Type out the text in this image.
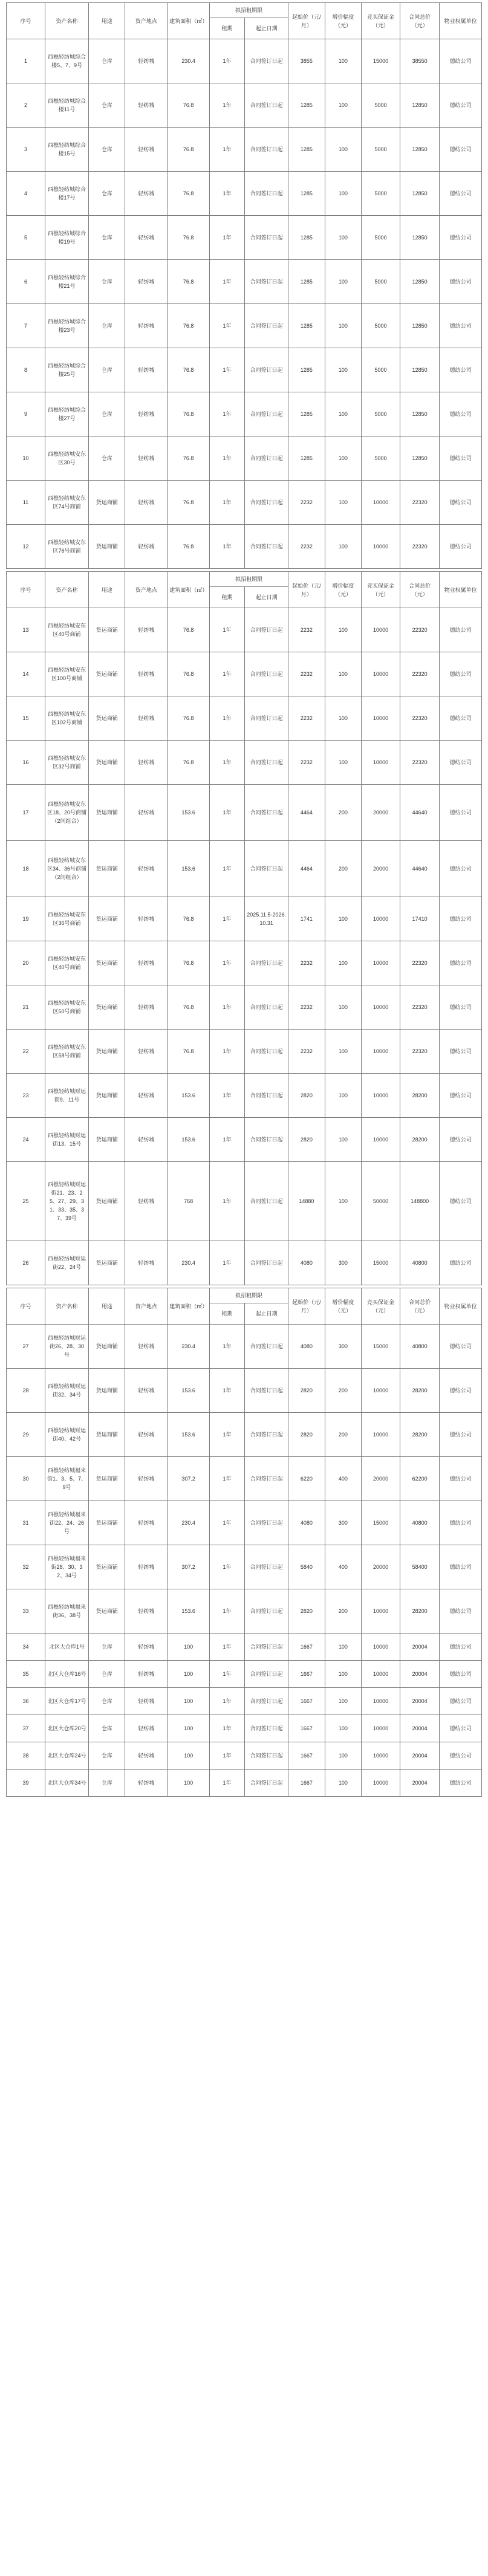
序号	资产名称	用途	资产地点	建筑面积（㎡）	拟招租期限		起始价（元/月）	增价幅度（元）	竞买保证金（元）	合同总价（元）	物业权属单位
					租期	起止日期					
1	西樵轻纺城综合楼5、7、9号	仓库	轻纺城	230.4	1年	合同签订日起	3855	100	15000	38550	德纺公司
2	西樵轻纺城综合楼11号	仓库	轻纺城	76.8	1年	合同签订日起	1285	100	5000	12850	德纺公司
3	西樵轻纺城综合楼15号	仓库	轻纺城	76.8	1年	合同签订日起	1285	100	5000	12850	德纺公司
4	西樵轻纺城综合楼17号	仓库	轻纺城	76.8	1年	合同签订日起	1285	100	5000	12850	德纺公司
5	西樵轻纺城综合楼19号	仓库	轻纺城	76.8	1年	合同签订日起	1285	100	5000	12850	德纺公司
6	西樵轻纺城综合楼21号	仓库	轻纺城	76.8	1年	合同签订日起	1285	100	5000	12850	德纺公司
7	西樵轻纺城综合楼23号	仓库	轻纺城	76.8	1年	合同签订日起	1285	100	5000	12850	德纺公司
8	西樵轻纺城综合楼25号	仓库	轻纺城	76.8	1年	合同签订日起	1285	100	5000	12850	德纺公司
9	西樵轻纺城综合楼27号	仓库	轻纺城	76.8	1年	合同签订日起	1285	100	5000	12850	德纺公司
10	西樵轻纺城安东区30号	仓库	轻纺城	76.8	1年	合同签订日起	1285	100	5000	12850	德纺公司
11	西樵轻纺城安东区74号商铺	货运商铺	轻纺城	76.8	1年	合同签订日起	2232	100	10000	22320	德纺公司
12	西樵轻纺城安东区76号商铺	货运商铺	轻纺城	76.8	1年	合同签订日起	2232	100	10000	22320	德纺公司

序号	资产名称	用途	资产地点	建筑面积（㎡）	拟招租期限		起始价（元/月）	增价幅度（元）	竞买保证金（元）	合同总价（元）	物业权属单位
					租期	起止日期					
13	西樵轻纺城安东区40号商铺	货运商铺	轻纺城	76.8	1年	合同签订日起	2232	100	10000	22320	德纺公司
14	西樵轻纺城安东区100号商铺	货运商铺	轻纺城	76.8	1年	合同签订日起	2232	100	10000	22320	德纺公司
15	西樵轻纺城安东区102号商铺	货运商铺	轻纺城	76.8	1年	合同签订日起	2232	100	10000	22320	德纺公司
16	西樵轻纺城安东区32号商铺	货运商铺	轻纺城	76.8	1年	合同签订日起	2232	100	10000	22320	德纺公司
17	西樵轻纺城安东区18、20号商铺（2间组合）	货运商铺	轻纺城	153.6	1年	合同签订日起	4464	200	20000	44640	德纺公司
18	西樵轻纺城安东区34、36号商铺（2间组合）	货运商铺	轻纺城	153.6	1年	合同签订日起	4464	200	20000	44640	德纺公司
19	西樵轻纺城安东区36号商铺	货运商铺	轻纺城	76.8	1年	2025.11.5-2026.10.31	1741	100	10000	17410	德纺公司
20	西樵轻纺城安东区40号商铺	货运商铺	轻纺城	76.8	1年	合同签订日起	2232	100	10000	22320	德纺公司
21	西樵轻纺城安东区50号商铺	货运商铺	轻纺城	76.8	1年	合同签订日起	2232	100	10000	22320	德纺公司
22	西樵轻纺城安东区58号商铺	货运商铺	轻纺城	76.8	1年	合同签订日起	2232	100	10000	22320	德纺公司
23	西樵轻纺城财运街9、11号	货运商铺	轻纺城	153.6	1年	合同签订日起	2820	100	10000	28200	德纺公司
24	西樵轻纺城财运街13、15号	货运商铺	轻纺城	153.6	1年	合同签订日起	2820	100	10000	28200	德纺公司
25	西樵轻纺城财运街21、23、25、27、29、31、33、35、37、39号	货运商铺	轻纺城	768	1年	合同签订日起	14880	100	50000	148800	德纺公司
26	西樵轻纺城财运街22、24号	货运商铺	轻纺城	230.4	1年	合同签订日起	4080	300	15000	40800	德纺公司

序号	资产名称	用途	资产地点	建筑面积（㎡）	拟招租期限		起始价（元/月）	增价幅度（元）	竞买保证金（元）	合同总价（元）	物业权属单位
					租期	起止日期					
27	西樵轻纺城财运街26、28、30号	货运商铺	轻纺城	230.4	1年	合同签订日起	4080	300	15000	40800	德纺公司
28	西樵轻纺城财运街32、34号	货运商铺	轻纺城	153.6	1年	合同签订日起	2820	200	10000	28200	德纺公司
29	西樵轻纺城财运街40、42号	货运商铺	轻纺城	153.6	1年	合同签订日起	2820	200	10000	28200	德纺公司
30	西樵轻纺城福来街1、3、5、7、9号	货运商铺	轻纺城	307.2	1年	合同签订日起	6220	400	20000	62200	德纺公司
31	西樵轻纺城福来街22、24、26号	货运商铺	轻纺城	230.4	1年	合同签订日起	4080	300	15000	40800	德纺公司
32	西樵轻纺城福来街28、30、32、34号	货运商铺	轻纺城	307.2	1年	合同签订日起	5840	400	20000	58400	德纺公司
33	西樵轻纺城福来街36、38号	货运商铺	轻纺城	153.6	1年	合同签订日起	2820	200	10000	28200	德纺公司
34	北区大仓库1号	仓库	轻纺城	100	1年	合同签订日起	1667	100	10000	20004	德纺公司
35	北区大仓库16号	仓库	轻纺城	100	1年	合同签订日起	1667	100	10000	20004	德纺公司
36	北区大仓库17号	仓库	轻纺城	100	1年	合同签订日起	1667	100	10000	20004	德纺公司
37	北区大仓库20号	仓库	轻纺城	100	1年	合同签订日起	1667	100	10000	20004	德纺公司
38	北区大仓库24号	仓库	轻纺城	100	1年	合同签订日起	1667	100	10000	20004	德纺公司
39	北区大仓库34号	仓库	轻纺城	100	1年	合同签订日起	1667	100	10000	20004	德纺公司
